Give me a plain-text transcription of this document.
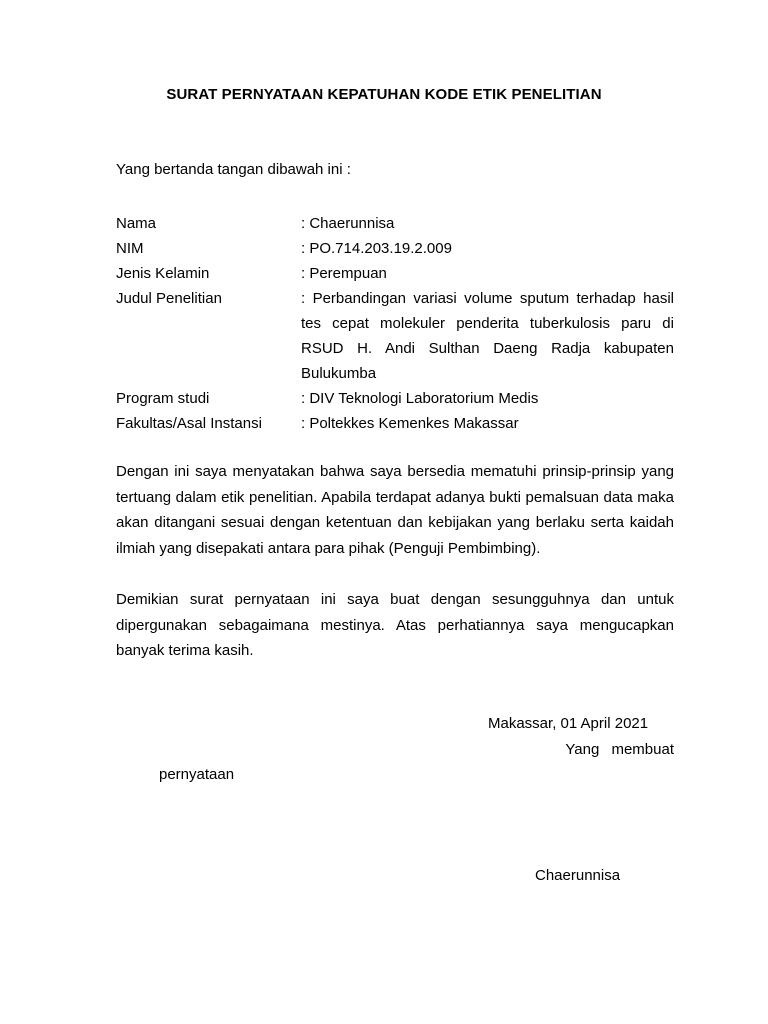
SURAT PERNYATAAN KEPATUHAN KODE ETIK PENELITIAN
Yang bertanda tangan dibawah ini :
Nama	: Chaerunnisa
NIM	: PO.714.203.19.2.009
Jenis Kelamin	: Perempuan
Judul Penelitian	: Perbandingan variasi volume sputum terhadap hasil tes cepat molekuler penderita tuberkulosis paru di RSUD H. Andi Sulthan Daeng Radja kabupaten Bulukumba
Program studi	: DIV Teknologi Laboratorium Medis
Fakultas/Asal Instansi	: Poltekkes Kemenkes Makassar
Dengan ini saya menyatakan bahwa saya bersedia mematuhi prinsip-prinsip yang tertuang dalam etik penelitian. Apabila terdapat adanya bukti pemalsuan data maka akan ditangani sesuai dengan ketentuan dan kebijakan yang berlaku serta kaidah ilmiah yang disepakati antara para pihak (Penguji Pembimbing).
Demikian surat pernyataan ini saya buat dengan sesungguhnya dan untuk dipergunakan sebagaimana mestinya. Atas perhatiannya saya mengucapkan banyak terima kasih.
Makassar, 01 April 2021
Yang membuat
pernyataan
Chaerunnisa
